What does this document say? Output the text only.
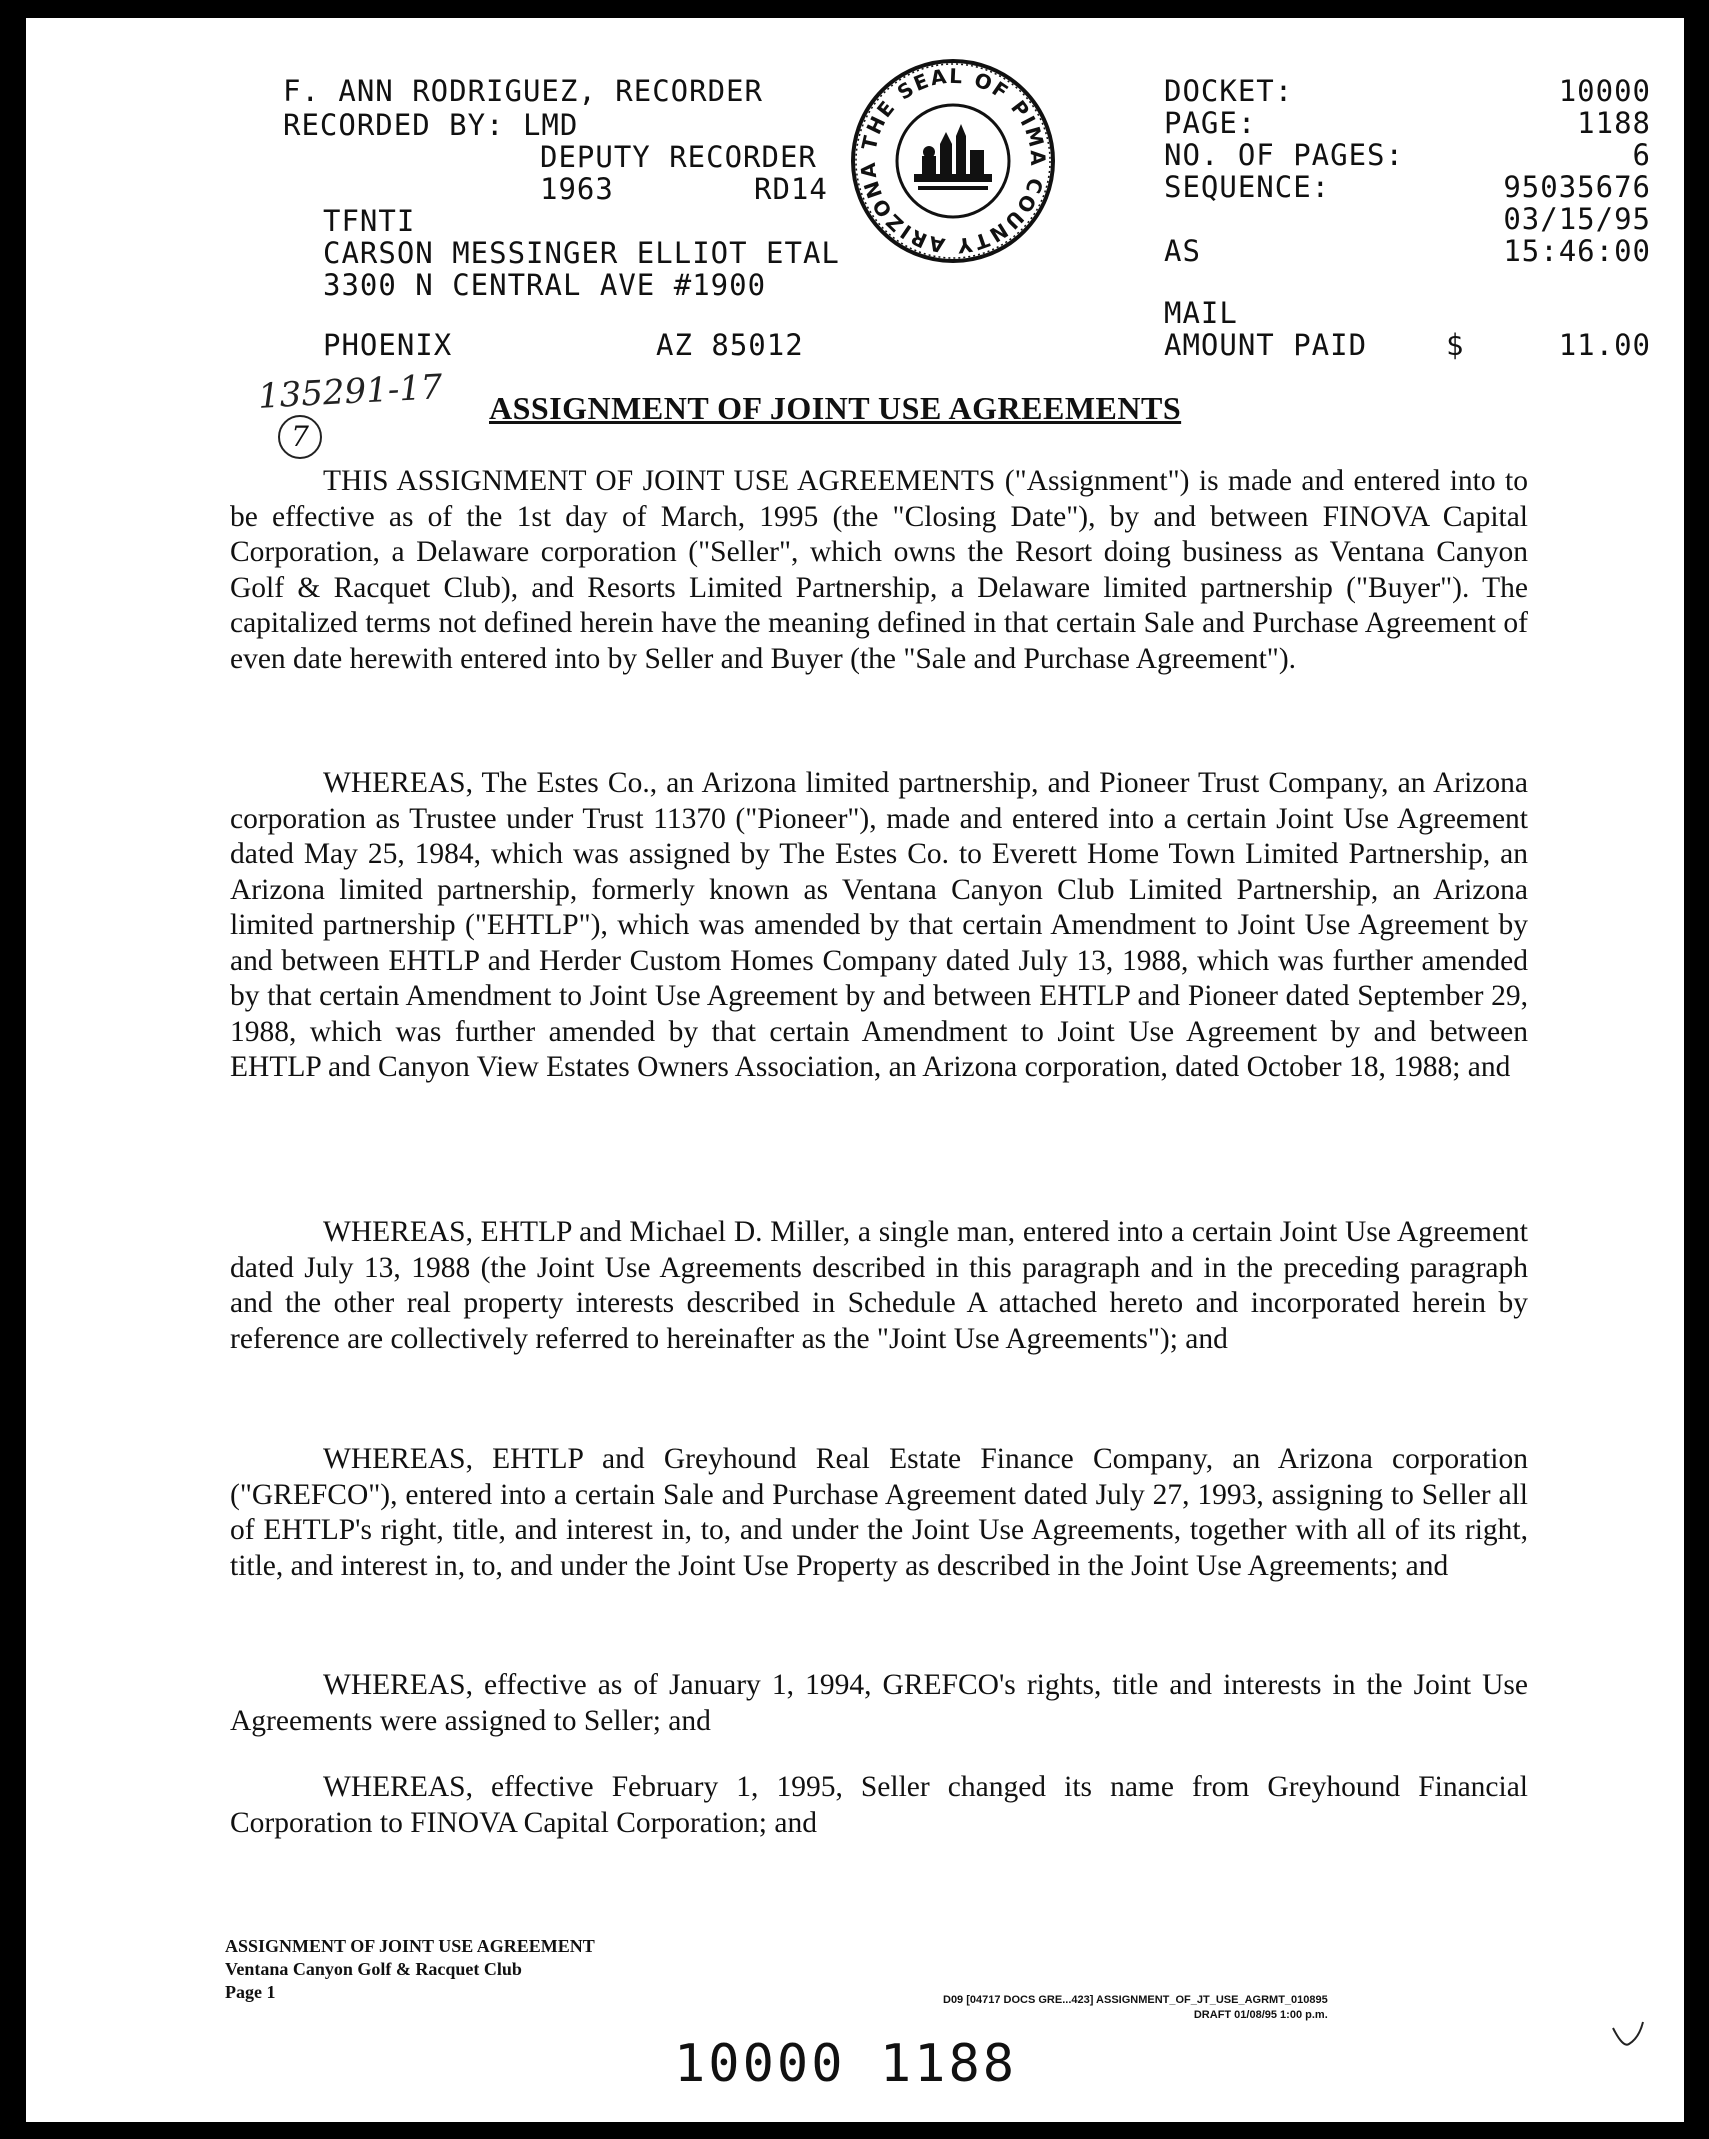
F. ANN RODRIGUEZ, RECORDER
RECORDED BY: LMD
DEPUTY RECORDER
1963	RD14
TFNTI
CARSON MESSINGER ELLIOT ETAL
3300 N CENTRAL AVE #1900
PHOENIX	AZ 85012
THE SEAL OF PIMA COUNTY ARIZONA
DOCKET:	10000
PAGE:	1188
NO. OF PAGES:	6
SEQUENCE:	95035676
03/15/95
AS	15:46:00
MAIL
AMOUNT PAID	$	11.00
135291-17
7
ASSIGNMENT OF JOINT USE AGREEMENTS

THIS ASSIGNMENT OF JOINT USE AGREEMENTS ("Assignment") is made and entered into to be effective as of the 1st day of March, 1995 (the "Closing Date"), by and between FINOVA Capital Corporation, a Delaware corporation ("Seller", which owns the Resort doing business as Ventana Canyon Golf & Racquet Club), and Resorts Limited Partnership, a Delaware limited partnership ("Buyer"). The capitalized terms not defined herein have the meaning defined in that certain Sale and Purchase Agreement of even date herewith entered into by Seller and Buyer (the "Sale and Purchase Agreement").

WHEREAS, The Estes Co., an Arizona limited partnership, and Pioneer Trust Company, an Arizona corporation as Trustee under Trust 11370 ("Pioneer"), made and entered into a certain Joint Use Agreement dated May 25, 1984, which was assigned by The Estes Co. to Everett Home Town Limited Partnership, an Arizona limited partnership, formerly known as Ventana Canyon Club Limited Partnership, an Arizona limited partnership ("EHTLP"), which was amended by that certain Amendment to Joint Use Agreement by and between EHTLP and Herder Custom Homes Company dated July 13, 1988, which was further amended by that certain Amendment to Joint Use Agreement by and between EHTLP and Pioneer dated September 29, 1988, which was further amended by that certain Amendment to Joint Use Agreement by and between EHTLP and Canyon View Estates Owners Association, an Arizona corporation, dated October 18, 1988; and

WHEREAS, EHTLP and Michael D. Miller, a single man, entered into a certain Joint Use Agreement dated July 13, 1988 (the Joint Use Agreements described in this paragraph and in the preceding paragraph and the other real property interests described in Schedule A attached hereto and incorporated herein by reference are collectively referred to hereinafter as the "Joint Use Agreements"); and

WHEREAS, EHTLP and Greyhound Real Estate Finance Company, an Arizona corporation ("GREFCO"), entered into a certain Sale and Purchase Agreement dated July 27, 1993, assigning to Seller all of EHTLP's right, title, and interest in, to, and under the Joint Use Agreements, together with all of its right, title, and interest in, to, and under the Joint Use Property as described in the Joint Use Agreements; and

WHEREAS, effective as of January 1, 1994, GREFCO's rights, title and interests in the Joint Use Agreements were assigned to Seller; and

WHEREAS, effective February 1, 1995, Seller changed its name from Greyhound Financial Corporation to FINOVA Capital Corporation; and

ASSIGNMENT OF JOINT USE AGREEMENT
Ventana Canyon Golf & Racquet Club
Page 1	D09 [04717 DOCS GRE...423] ASSIGNMENT_OF_JT_USE_AGRMT_010895
DRAFT 01/08/95 1:00 p.m.
10000 1188
